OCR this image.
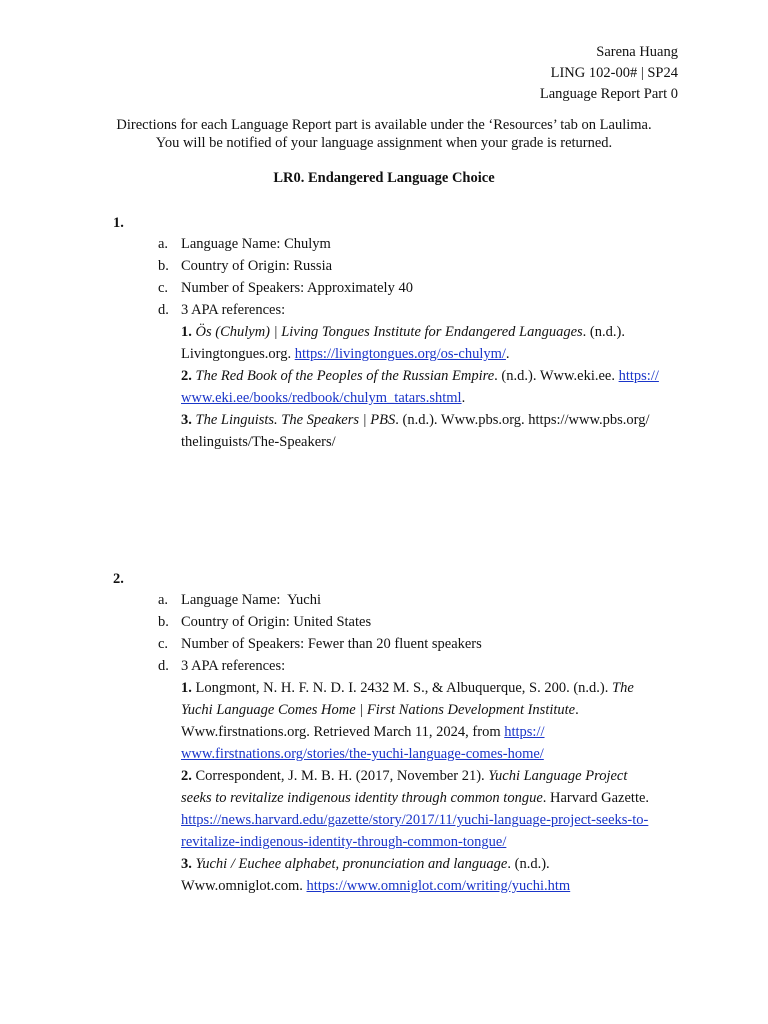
Sarena Huang
LING 102-00# | SP24
Language Report Part 0
Directions for each Language Report part is available under the ‘Resources’ tab on Laulima.
You will be notified of your language assignment when your grade is returned.
LR0. Endangered Language Choice
1.
a. Language Name: Chulym
b. Country of Origin: Russia
c. Number of Speakers: Approximately 40
d. 3 APA references:
1. Ös (Chulym) | Living Tongues Institute for Endangered Languages. (n.d.).
Livingtongues.org. https://livingtongues.org/os-chulym/.
2. The Red Book of the Peoples of the Russian Empire. (n.d.). Www.eki.ee. https://
www.eki.ee/books/redbook/chulym_tatars.shtml.
3. The Linguists. The Speakers | PBS. (n.d.). Www.pbs.org. https://www.pbs.org/
thelinguists/The-Speakers/
2.
a. Language Name:  Yuchi
b. Country of Origin: United States
c. Number of Speakers: Fewer than 20 fluent speakers
d. 3 APA references:
1. Longmont, N. H. F. N. D. I. 2432 M. S., & Albuquerque, S. 200. (n.d.). The
Yuchi Language Comes Home | First Nations Development Institute.
Www.firstnations.org. Retrieved March 11, 2024, from https://
www.firstnations.org/stories/the-yuchi-language-comes-home/
2. Correspondent, J. M. B. H. (2017, November 21). Yuchi Language Project
seeks to revitalize indigenous identity through common tongue. Harvard Gazette.
https://news.harvard.edu/gazette/story/2017/11/yuchi-language-project-seeks-to-
revitalize-indigenous-identity-through-common-tongue/
3. Yuchi / Euchee alphabet, pronunciation and language. (n.d.).
Www.omniglot.com. https://www.omniglot.com/writing/yuchi.htm
